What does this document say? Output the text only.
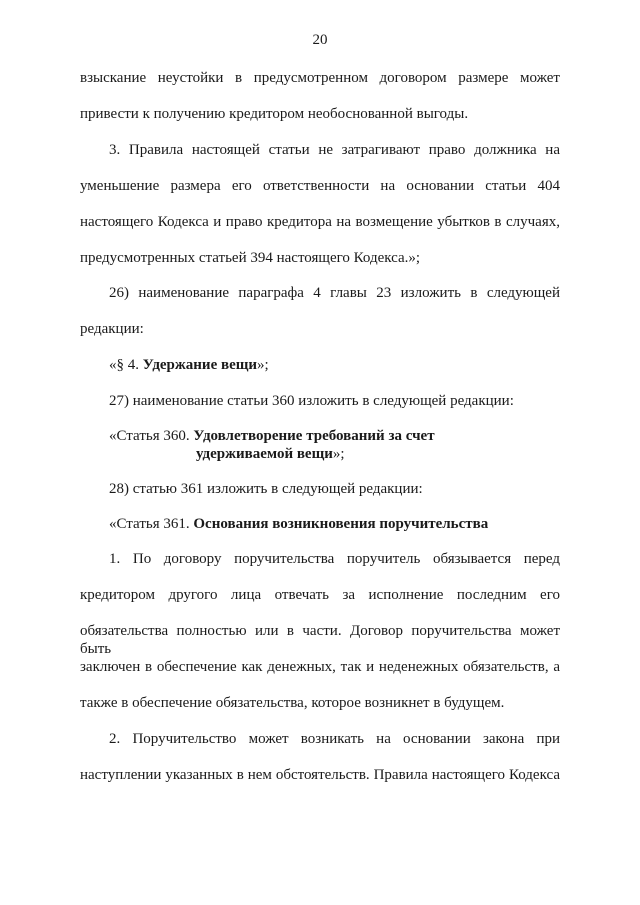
20
взыскание неустойки в предусмотренном договором размере может
привести к получению кредитором необоснованной выгоды.
3. Правила настоящей статьи не затрагивают право должника на
уменьшение размера его ответственности на основании статьи 404
настоящего Кодекса и право кредитора на возмещение убытков в случаях,
предусмотренных статьей 394 настоящего Кодекса.»;
26) наименование параграфа 4 главы 23 изложить в следующей
редакции:
«§ 4. Удержание вещи»;
27) наименование статьи 360 изложить в следующей редакции:
«Статья 360. Удовлетворение требований за счет
удерживаемой вещи»;
28) статью 361 изложить в следующей редакции:
«Статья 361. Основания возникновения поручительства
1. По договору поручительства поручитель обязывается перед
кредитором другого лица отвечать за исполнение последним его
обязательства полностью или в части. Договор поручительства может быть
заключен в обеспечение как денежных, так и неденежных обязательств, а
также в обеспечение обязательства, которое возникнет в будущем.
2. Поручительство может возникать на основании закона при
наступлении указанных в нем обстоятельств. Правила настоящего Кодекса
